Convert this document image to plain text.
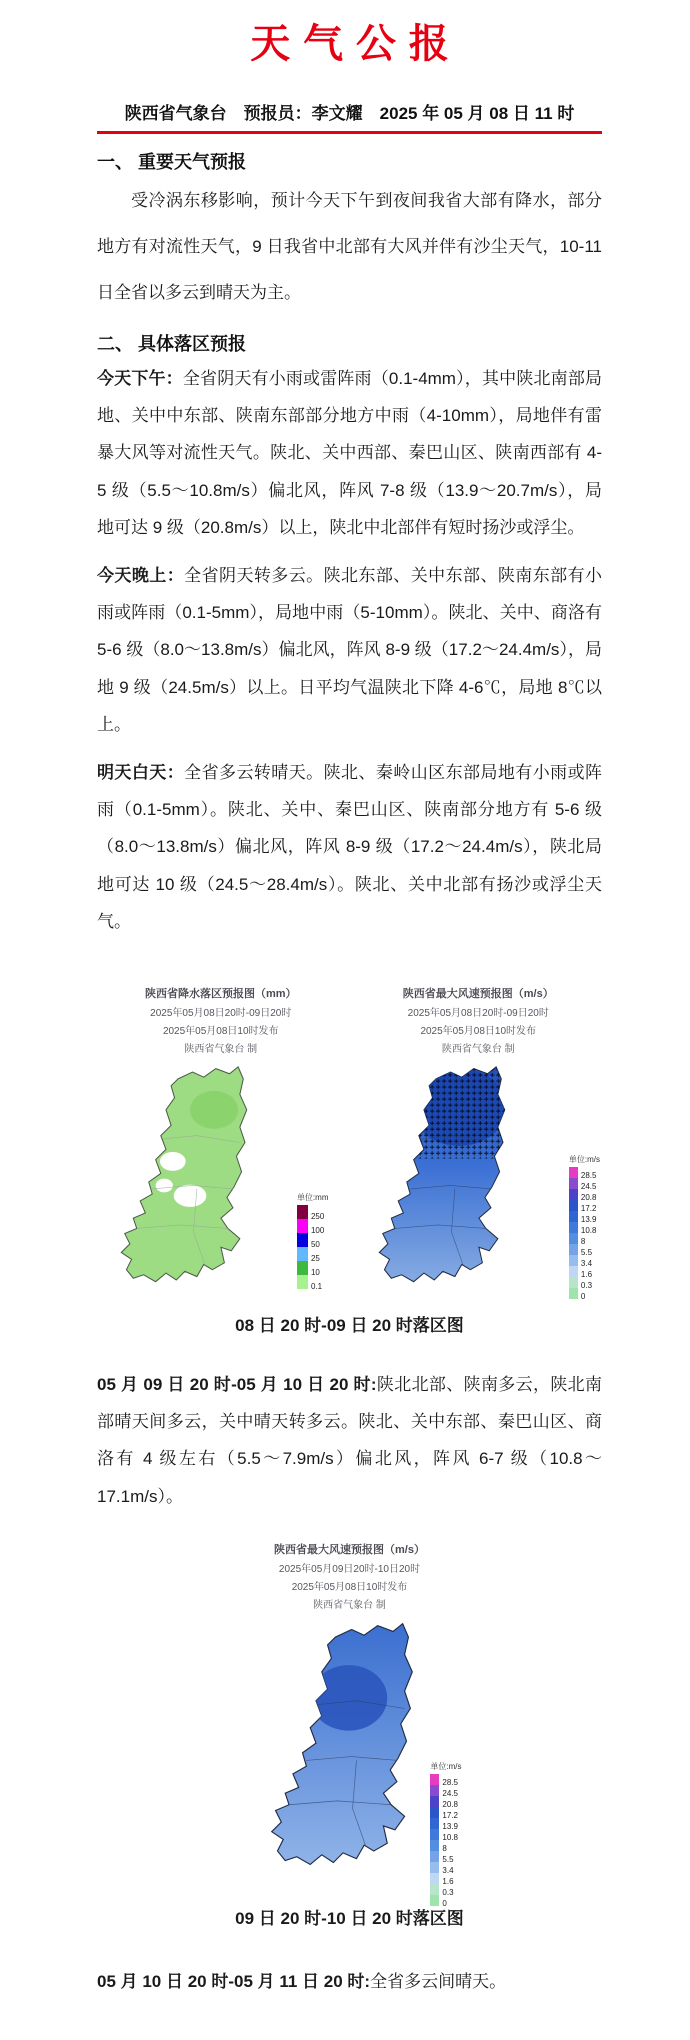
天气公报
陕西省气象台　预报员：李文耀　2025 年 05 月 08 日 11 时
一、 重要天气预报

受冷涡东移影响，预计今天下午到夜间我省大部有降水，部分地方有对流性天气，9 日我省中北部有大风并伴有沙尘天气，10-11 日全省以多云到晴天为主。

二、 具体落区预报

今天下午：全省阴天有小雨或雷阵雨（0.1-4mm），其中陕北南部局地、关中中东部、陕南东部部分地方中雨（4-10mm），局地伴有雷暴大风等对流性天气。陕北、关中西部、秦巴山区、陕南西部有 4-5 级（5.5～10.8m/s）偏北风，阵风 7-8 级（13.9～20.7m/s），局地可达 9 级（20.8m/s）以上，陕北中北部伴有短时扬沙或浮尘。

今天晚上：全省阴天转多云。陕北东部、关中东部、陕南东部有小雨或阵雨（0.1-5mm），局地中雨（5-10mm）。陕北、关中、商洛有 5-6 级（8.0～13.8m/s）偏北风，阵风 8-9 级（17.2～24.4m/s），局地 9 级（24.5m/s）以上。日平均气温陕北下降 4-6℃，局地 8℃以上。

明天白天：全省多云转晴天。陕北、秦岭山区东部局地有小雨或阵雨（0.1-5mm）。陕北、关中、秦巴山区、陕南部分地方有 5-6 级（8.0～13.8m/s）偏北风，阵风 8-9 级（17.2～24.4m/s），陕北局地可达 10 级（24.5～28.4m/s）。陕北、关中北部有扬沙或浮尘天气。

陕西省降水落区预报图（mm）
2025年05月08日20时-09日20时
2025年05月08日10时发布
陕西省气象台 制
单位:mm
250
100
50
25
10
0.1
陕西省最大风速预报图（m/s）
2025年05月08日20时-09日20时
2025年05月08日10时发布
陕西省气象台 制
单位:m/s
28.5
24.5
20.8
17.2
13.9
10.8
8
5.5
3.4
1.6
0.3
0
08 日 20 时-09 日 20 时落区图

05 月 09 日 20 时-05 月 10 日 20 时:陕北北部、陕南多云，陕北南部晴天间多云，关中晴天转多云。陕北、关中东部、秦巴山区、商洛有 4 级左右（5.5～7.9m/s）偏北风，阵风 6-7 级（10.8～17.1m/s）。

陕西省最大风速预报图（m/s）
2025年05月09日20时-10日20时
2025年05月08日10时发布
陕西省气象台 制
单位:m/s
28.5
24.5
20.8
17.2
13.9
10.8
8
5.5
3.4
1.6
0.3
0
09 日 20 时-10 日 20 时落区图

05 月 10 日 20 时-05 月 11 日 20 时:全省多云间晴天。
